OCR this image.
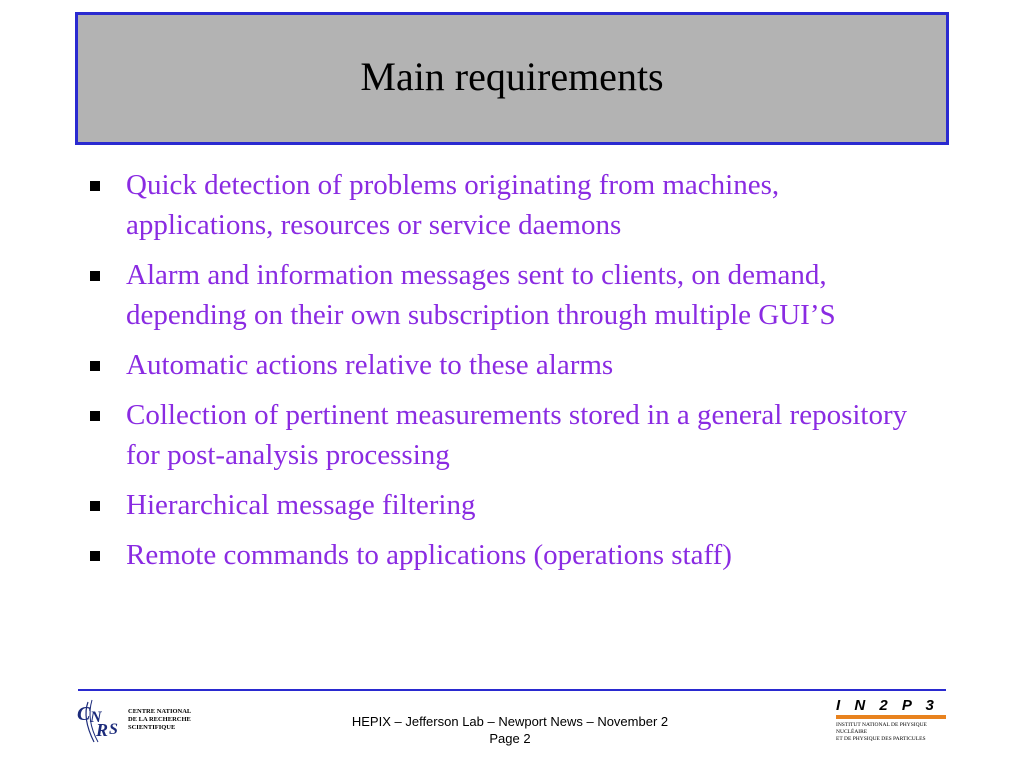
Main requirements
Quick detection of problems originating from machines, applications, resources or service daemons
Alarm and information messages sent to clients, on demand, depending on their own subscription through multiple GUI’S
Automatic actions relative to these alarms
Collection of pertinent measurements stored in a general repository for post-analysis processing
Hierarchical message filtering
Remote commands to applications (operations staff)
C N
R S
CENTRE NATIONAL
DE LA RECHERCHE
SCIENTIFIQUE	HEPIX – Jefferson Lab – Newport News – November 2
Page 2
I N 2 P 3
INSTITUT NATIONAL DE PHYSIQUE NUCLÉAIRE
ET DE PHYSIQUE DES PARTICULES
